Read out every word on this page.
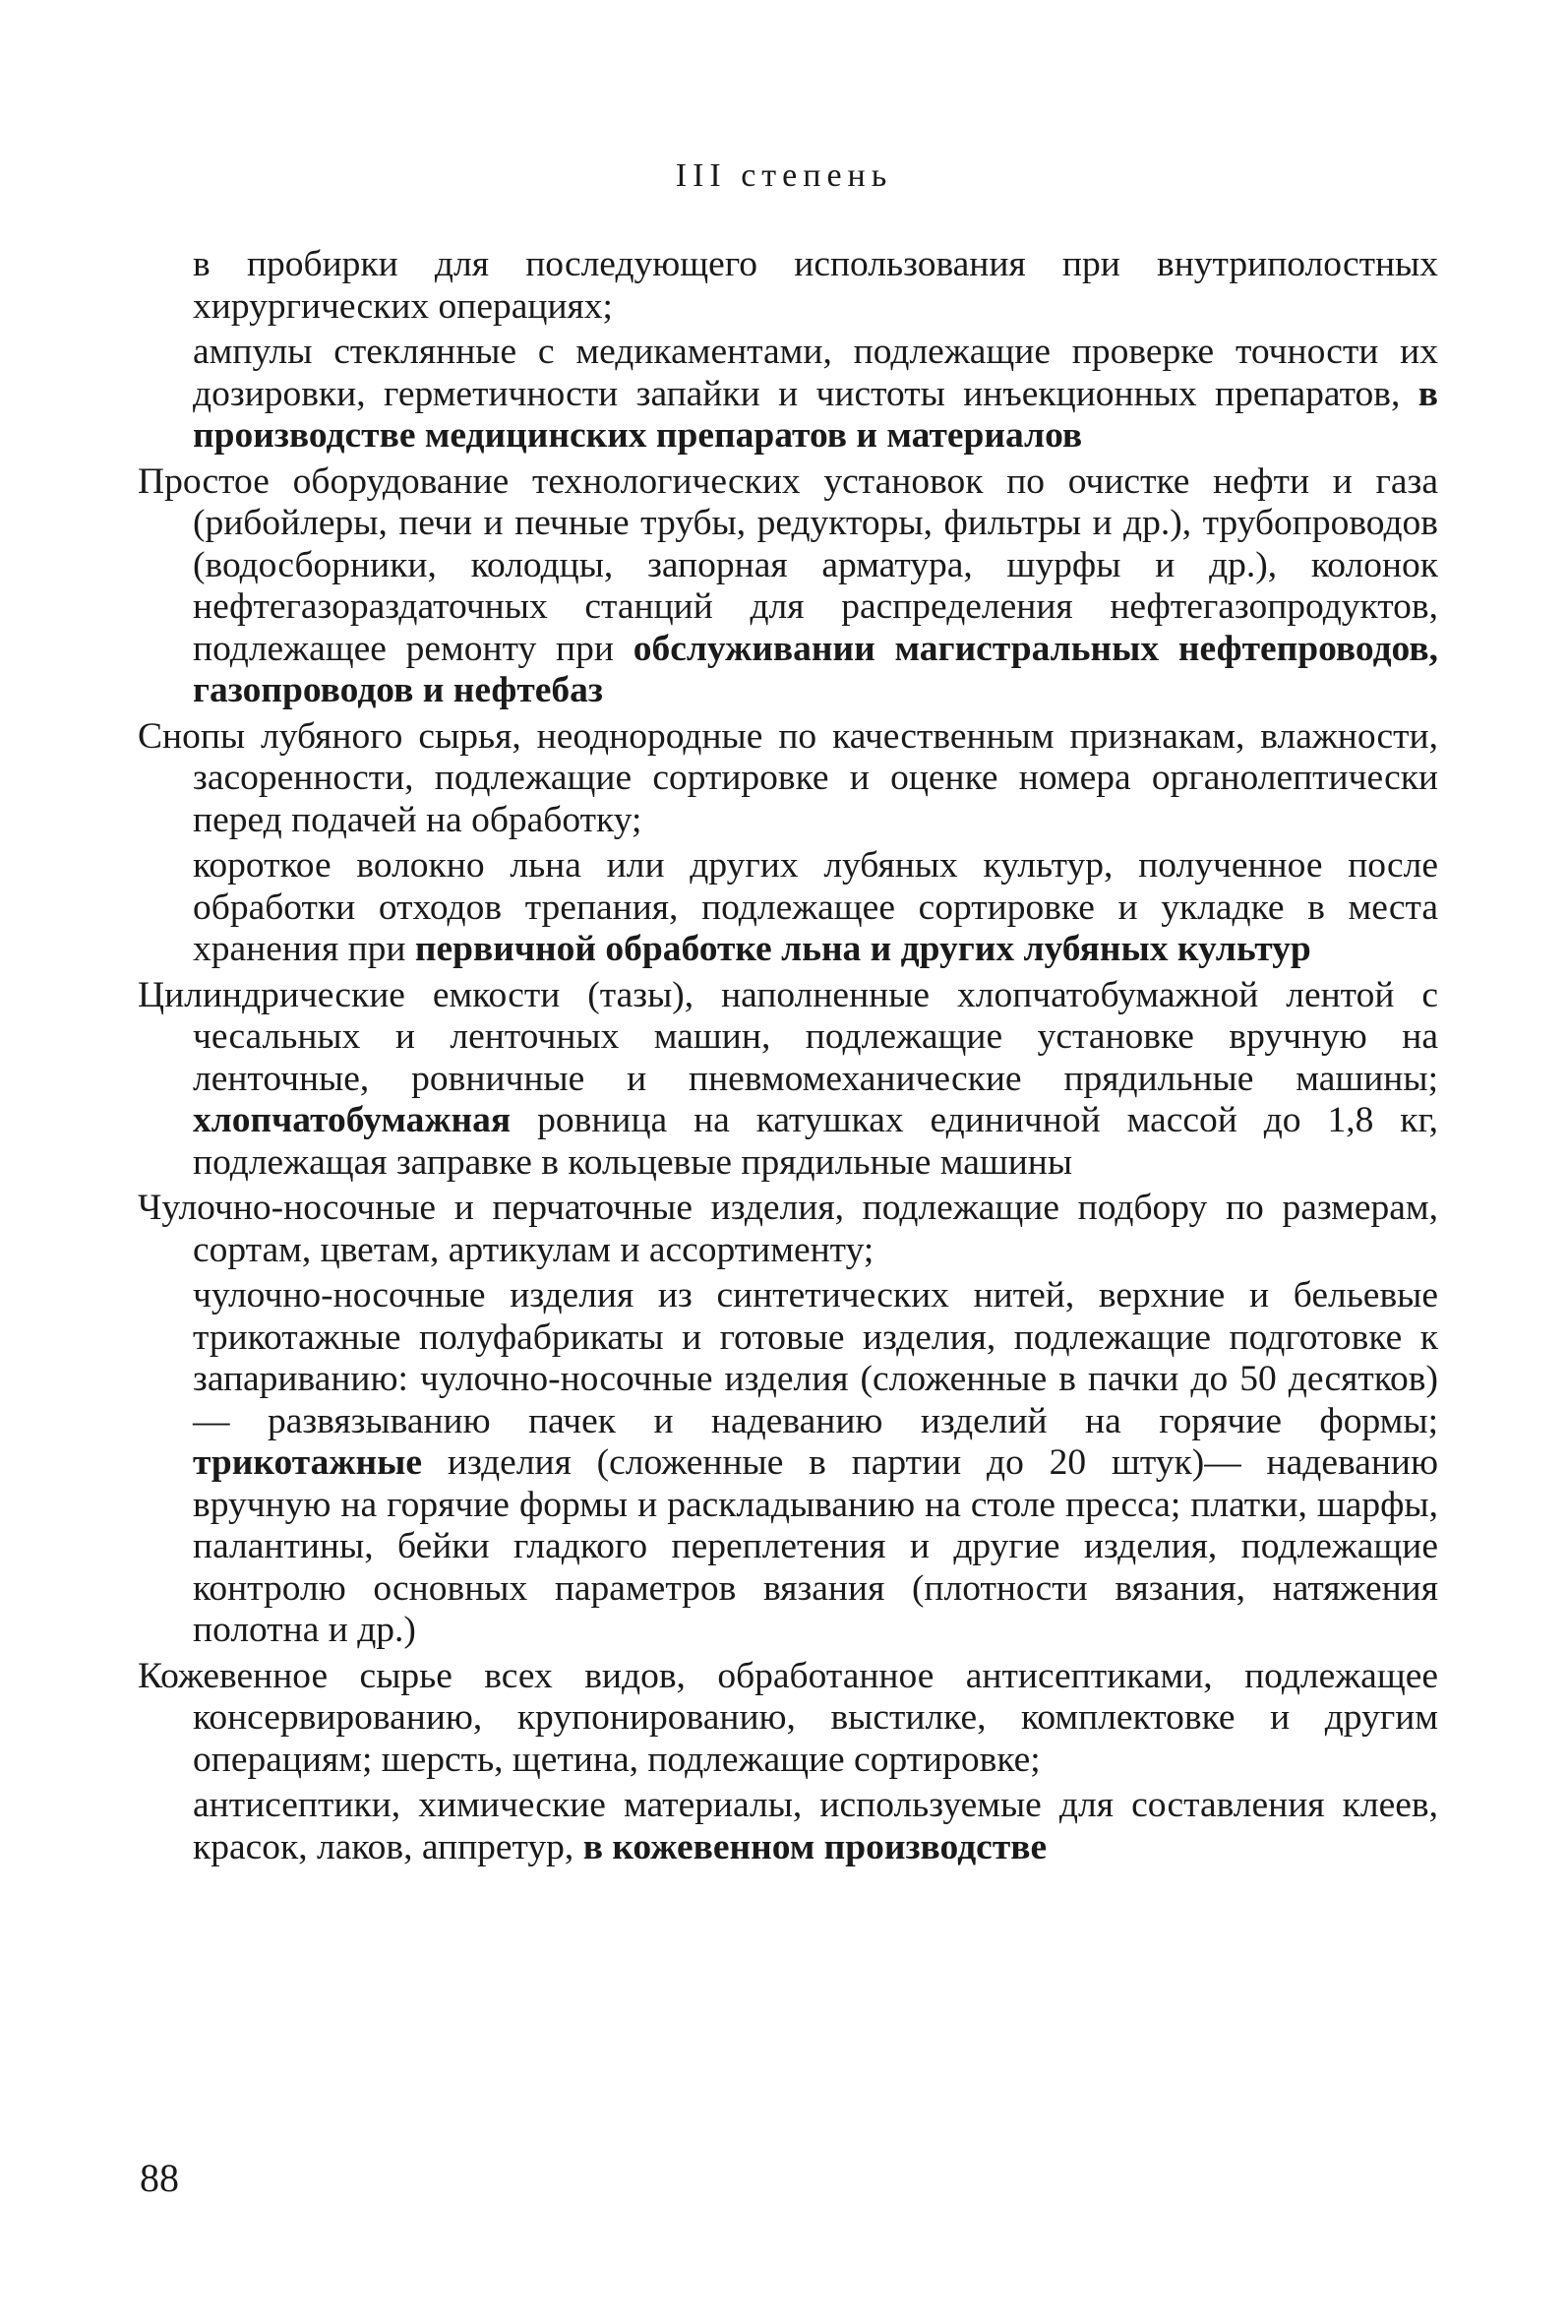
III степень

в пробирки для последующего использования при внутриполостных хирургических операциях;

ампулы стеклянные с медикаментами, подлежащие проверке точности их дозировки, герметичности запайки и чистоты инъекционных препаратов, в производстве медицинских препаратов и материалов

Простое оборудование технологических установок по очистке нефти и газа (рибойлеры, печи и печные трубы, редукторы, фильтры и др.), трубопроводов (водосборники, колодцы, запорная арматура, шурфы и др.), колонок нефтегазораздаточных станций для распределения нефтегазопродуктов, подлежащее ремонту при обслуживании магистральных нефтепроводов, газопроводов и нефтебаз

Снопы лубяного сырья, неоднородные по качественным признакам, влажности, засоренности, подлежащие сортировке и оценке номера органолептически перед подачей на обработку;

короткое волокно льна или других лубяных культур, полученное после обработки отходов трепания, подлежащее сортировке и укладке в места хранения при первичной обработке льна и других лубяных культур

Цилиндрические емкости (тазы), наполненные хлопчатобумажной лентой с чесальных и ленточных машин, подлежащие установке вручную на ленточные, ровничные и пневмомеханические прядильные машины; хлопчатобумажная ровница на катушках единичной массой до 1,8 кг, подлежащая заправке в кольцевые прядильные машины

Чулочно-носочные и перчаточные изделия, подлежащие подбору по размерам, сортам, цветам, артикулам и ассортименту;

чулочно-носочные изделия из синтетических нитей, верхние и бельевые трикотажные полуфабрикаты и готовые изделия, подлежащие подготовке к запариванию: чулочно-носочные изделия (сложенные в пачки до 50 десятков) — развязыванию пачек и надеванию изделий на горячие формы; трикотажные изделия (сложенные в партии до 20 штук)— надеванию вручную на горячие формы и раскладыванию на столе пресса; платки, шарфы, палантины, бейки гладкого переплетения и другие изделия, подлежащие контролю основных параметров вязания (плотности вязания, натяжения полотна и др.)

Кожевенное сырье всех видов, обработанное антисептиками, подлежащее консервированию, крупонированию, выстилке, комплектовке и другим операциям; шерсть, щетина, подлежащие сортировке;

антисептики, химические материалы, используемые для составления клеев, красок, лаков, аппретур, в кожевенном производстве

88
